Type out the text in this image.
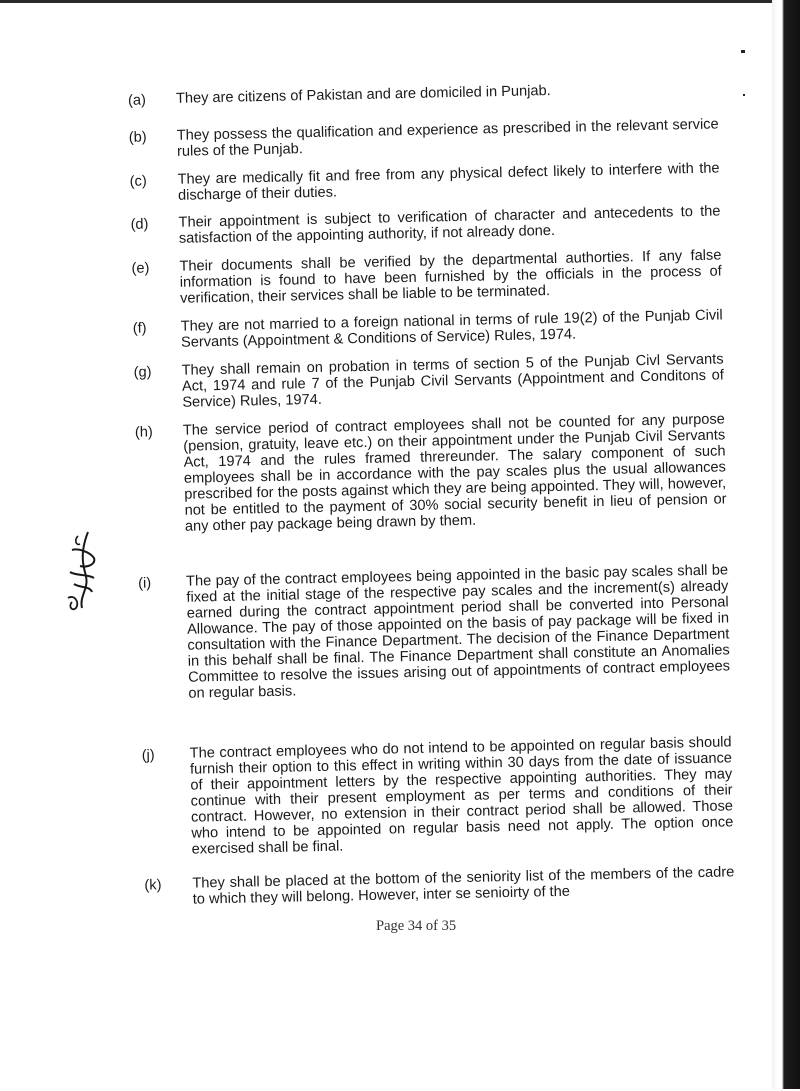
(a)	They are citizens of Pakistan and are domiciled in Punjab.
(b)	They possess the qualification and experience as prescribed in the relevant service rules of the Punjab.
(c)	They are medically fit and free from any physical defect likely to interfere with the discharge of their duties.
(d)	Their appointment is subject to verification of character and antecedents to the satisfaction of the appointing authority, if not already done.
(e)	Their documents shall be verified by the departmental authorties. If any false information is found to have been furnished by the officials in the process of verification, their services shall be liable to be terminated.
(f)	They are not married to a foreign national in terms of rule 19(2) of the Punjab Civil Servants (Appointment & Conditions of Service) Rules, 1974.
(g)	They shall remain on probation in terms of section 5 of the Punjab Civl Servants Act, 1974 and rule 7 of the Punjab Civil Servants (Appointment and Conditons of Service) Rules, 1974.
(h)	The service period of contract employees shall not be counted for any purpose (pension, gratuity, leave etc.) on their appointment under the Punjab Civil Servants Act, 1974 and the rules framed threreunder. The salary component of such employees shall be in accordance with the pay scales plus the usual allowances prescribed for the posts against which they are being appointed. They will, however, not be entitled to the payment of 30% social security benefit in lieu of pension or any other pay package being drawn by them.
(i)	The pay of the contract employees being appointed in the basic pay scales shall be fixed at the initial stage of the respective pay scales and the increment(s) already earned during the contract appointment period shall be converted into Personal Allowance. The pay of those appointed on the basis of pay package will be fixed in consultation with the Finance Department. The decision of the Finance Department in this behalf shall be final. The Finance Department shall constitute an Anomalies Committee to resolve the issues arising out of appointments of contract employees on regular basis.
(j)	The contract employees who do not intend to be appointed on regular basis should furnish their option to this effect in writing within 30 days from the date of issuance of their appointment letters by the respective appointing authorities. They may continue with their present employment as per terms and conditions of their contract. However, no extension in their contract period shall be allowed. Those who intend to be appointed on regular basis need not apply. The option once exercised shall be final.
(k)	They shall be placed at the bottom of the seniority list of the members of the cadre to which they will belong. However, inter se senioirty of the
Page 34 of 35
